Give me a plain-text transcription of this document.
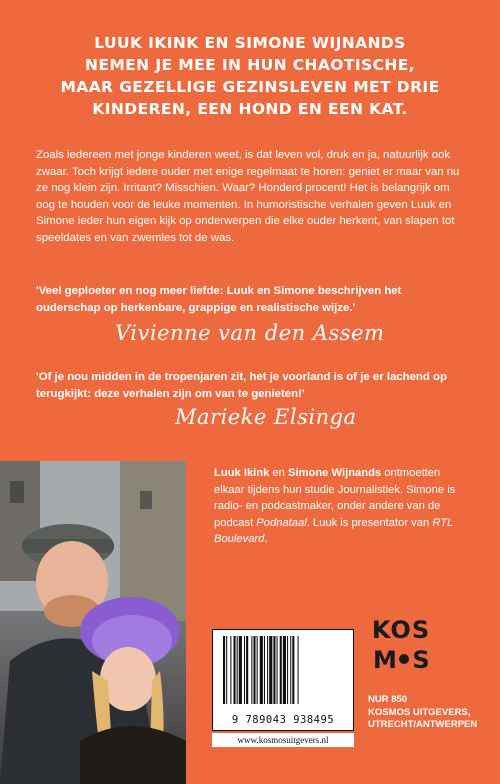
LUUK IKINK EN SIMONE WIJNANDS NEMEN JE MEE IN HUN CHAOTISCHE, MAAR GEZELLIGE GEZINSLEVEN MET DRIE KINDEREN, EEN HOND EN EEN KAT.
Zoals iedereen met jonge kinderen weet, is dat leven vol, druk en ja, natuurlijk ook zwaar. Toch krijgt iedere ouder met enige regelmaat te horen: geniet er maar van nu ze nog klein zijn. Irritant? Misschien. Waar? Honderd procent! Het is belangrijk om oog te houden voor de leuke momenten. In humoristische verhalen geven Luuk en Simone ieder hun eigen kijk op onderwerpen die elke ouder herkent, van slapen tot speeldates en van zwemles tot de was.
'Veel geploeter en nog meer liefde: Luuk en Simone beschrijven het ouderschap op herkenbare, grappige en realistische wijze.'
Vivienne van den Assem
'Of je nou midden in de tropenjaren zit, het je voorland is of je er lachend op terugkijkt: deze verhalen zijn om van te genieten!'
Marieke Elsinga
Luuk Ikink en Simone Wijnands ontmoetten elkaar tijdens hun studie Journalistiek. Simone is radio- en podcastmaker, onder andere van de podcast Podnataal. Luuk is presentator van RTL Boulevard.
KOS
M S
9 789043 938495
www.kosmosuitgevers.nl
NUR 850
KOSMOS UITGEVERS,
UTRECHT/ANTWERPEN
